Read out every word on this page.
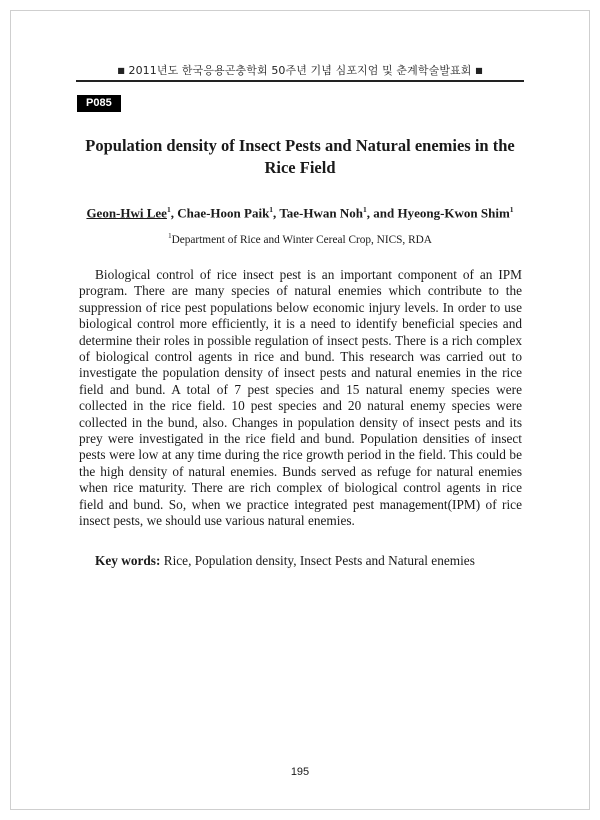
■ 2011년도 한국응용곤충학회 50주년 기념 심포지엄 및 춘계학술발표회 ■
P085
Population density of Insect Pests and Natural enemies in the Rice Field
Geon-Hwi Lee$^1$, Chae-Hoon Paik$^1$, Tae-Hwan Noh$^1$, and Hyeong-Kwon Shim$^1$
$^1$Department of Rice and Winter Cereal Crop, NICS, RDA

Biological control of rice insect pest is an important component of an IPM program. There are many species of natural enemies which contribute to the suppression of rice pest populations below economic injury levels. In order to use biological control more efficiently, it is a need to identify beneficial species and determine their roles in possible regulation of insect pests. There is a rich complex of biological control agents in rice and bund. This research was carried out to investigate the population density of insect pests and natural enemies in the rice field and bund. A total of 7 pest species and 15 natural enemy species were collected in the rice field. 10 pest species and 20 natural enemy species were collected in the bund, also. Changes in population density of insect pests and its prey were investigated in the rice field and bund. Population densities of insect pests were low at any time during the rice growth period in the field. This could be the high density of natural enemies. Bunds served as refuge for natural enemies when rice maturity. There are rich complex of biological control agents in rice field and bund. So, when we practice integrated pest management(IPM) of rice insect pests, we should use various natural enemies.

Key words: Rice, Population density, Insect Pests and Natural enemies
195
